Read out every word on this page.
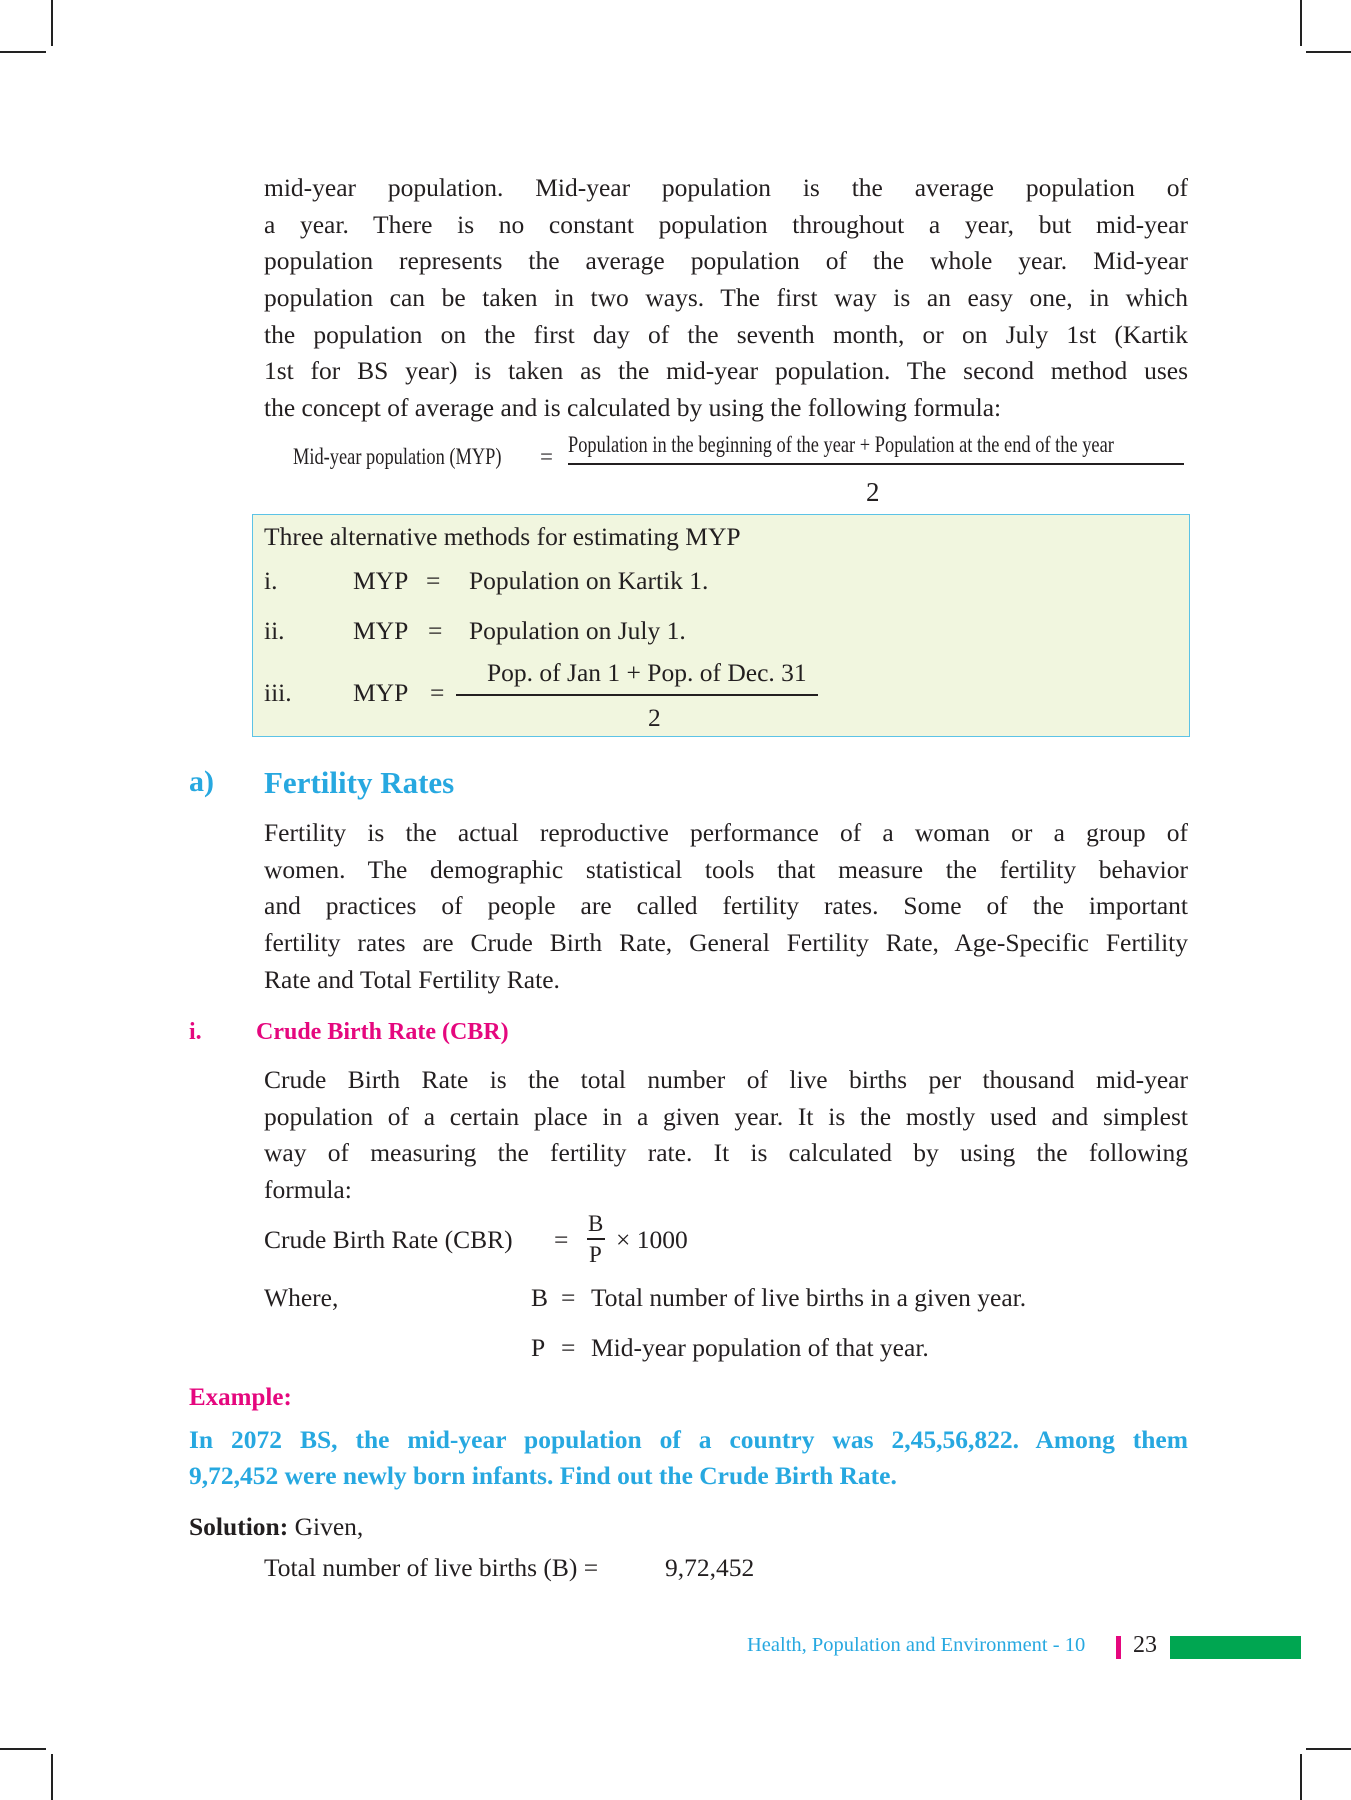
mid-year population. Mid-year population is the average population of
a year. There is no constant population throughout a year, but mid-year
population represents the average population of the whole year. Mid-year
population can be taken in two ways. The first way is an easy one, in which
the population on the first day of the seventh month, or on July 1st (Kartik
1st for BS year) is taken as the mid-year population. The second method uses
the concept of average and is calculated by using the following formula:
Mid-year population (MYP)	= Population in the beginning of the year + Population at the end of the year
2
Three alternative methods for estimating MYP
i.	MYP = Population on Kartik 1.
ii.	MYP = Population on July 1.
iii. MYP =
Pop. of Jan 1 + Pop. of Dec. 31
2
a) Fertility Rates
Fertility is the actual reproductive performance of a woman or a group of
women. The demographic statistical tools that measure the fertility behavior
and practices of people are called fertility rates. Some of the important
fertility rates are Crude Birth Rate, General Fertility Rate, Age-Specific Fertility
Rate and Total Fertility Rate.
i. Crude Birth Rate (CBR)
Crude Birth Rate is the total number of live births per thousand mid-year
population of a certain place in a given year. It is the mostly used and simplest
way of measuring the fertility rate. It is calculated by using the following
formula:
Crude Birth Rate (CBR) =
B
P
× 1000
Where,	B = Total number of live births in a given year.
P = Mid-year population of that year.
Example:
In 2072 BS, the mid-year population of a country was 2,45,56,822. Among them
9,72,452 were newly born infants. Find out the Crude Birth Rate.
Solution: Given,
Total number of live births (B) =	9,72,452
Health, Population and Environment - 10 23
